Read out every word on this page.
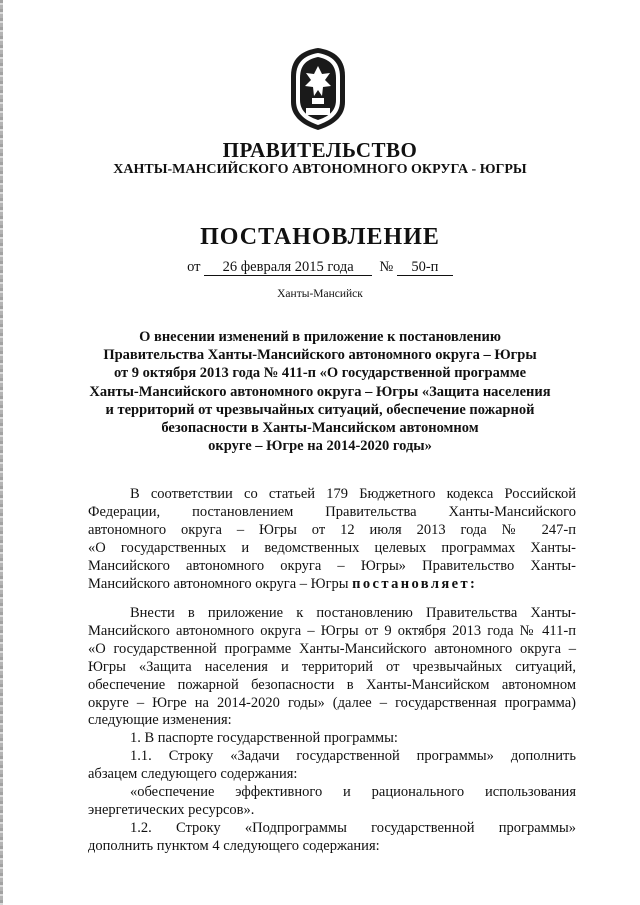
ПРАВИТЕЛЬСТВО
ХАНТЫ-МАНСИЙСКОГО АВТОНОМНОГО ОКРУГА - ЮГРЫ
ПОСТАНОВЛЕНИЕ
от 26 февраля 2015 года № 50-п
Ханты-Мансийск
О внесении изменений в приложение к постановлению
Правительства Ханты-Мансийского автономного округа – Югры
от 9 октября 2013 года № 411-п «О государственной программе
Ханты-Мансийского автономного округа – Югры «Защита населения
и территорий от чрезвычайных ситуаций, обеспечение пожарной
безопасности в Ханты-Мансийском автономном
округе – Югре на 2014-2020 годы»
В соответствии со статьей 179 Бюджетного кодекса Российской
Федерации, постановлением Правительства Ханты-Мансийского
автономного округа – Югры от 12 июля 2013 года № 247-п
«О государственных и ведомственных целевых программах Ханты-
Мансийского автономного округа – Югры» Правительство Ханты-
Мансийского автономного округа – Югры постановляет:
Внести в приложение к постановлению Правительства Ханты-
Мансийского автономного округа – Югры от 9 октября 2013 года № 411-п
«О государственной программе Ханты-Мансийского автономного округа –
Югры «Защита населения и территорий от чрезвычайных ситуаций,
обеспечение пожарной безопасности в Ханты-Мансийском автономном
округе – Югре на 2014-2020 годы» (далее – государственная программа)
следующие изменения:
1. В паспорте государственной программы:
1.1. Строку «Задачи государственной программы» дополнить
абзацем следующего содержания:
«обеспечение эффективного и рационального использования
энергетических ресурсов».
1.2. Строку «Подпрограммы государственной программы»
дополнить пунктом 4 следующего содержания:
